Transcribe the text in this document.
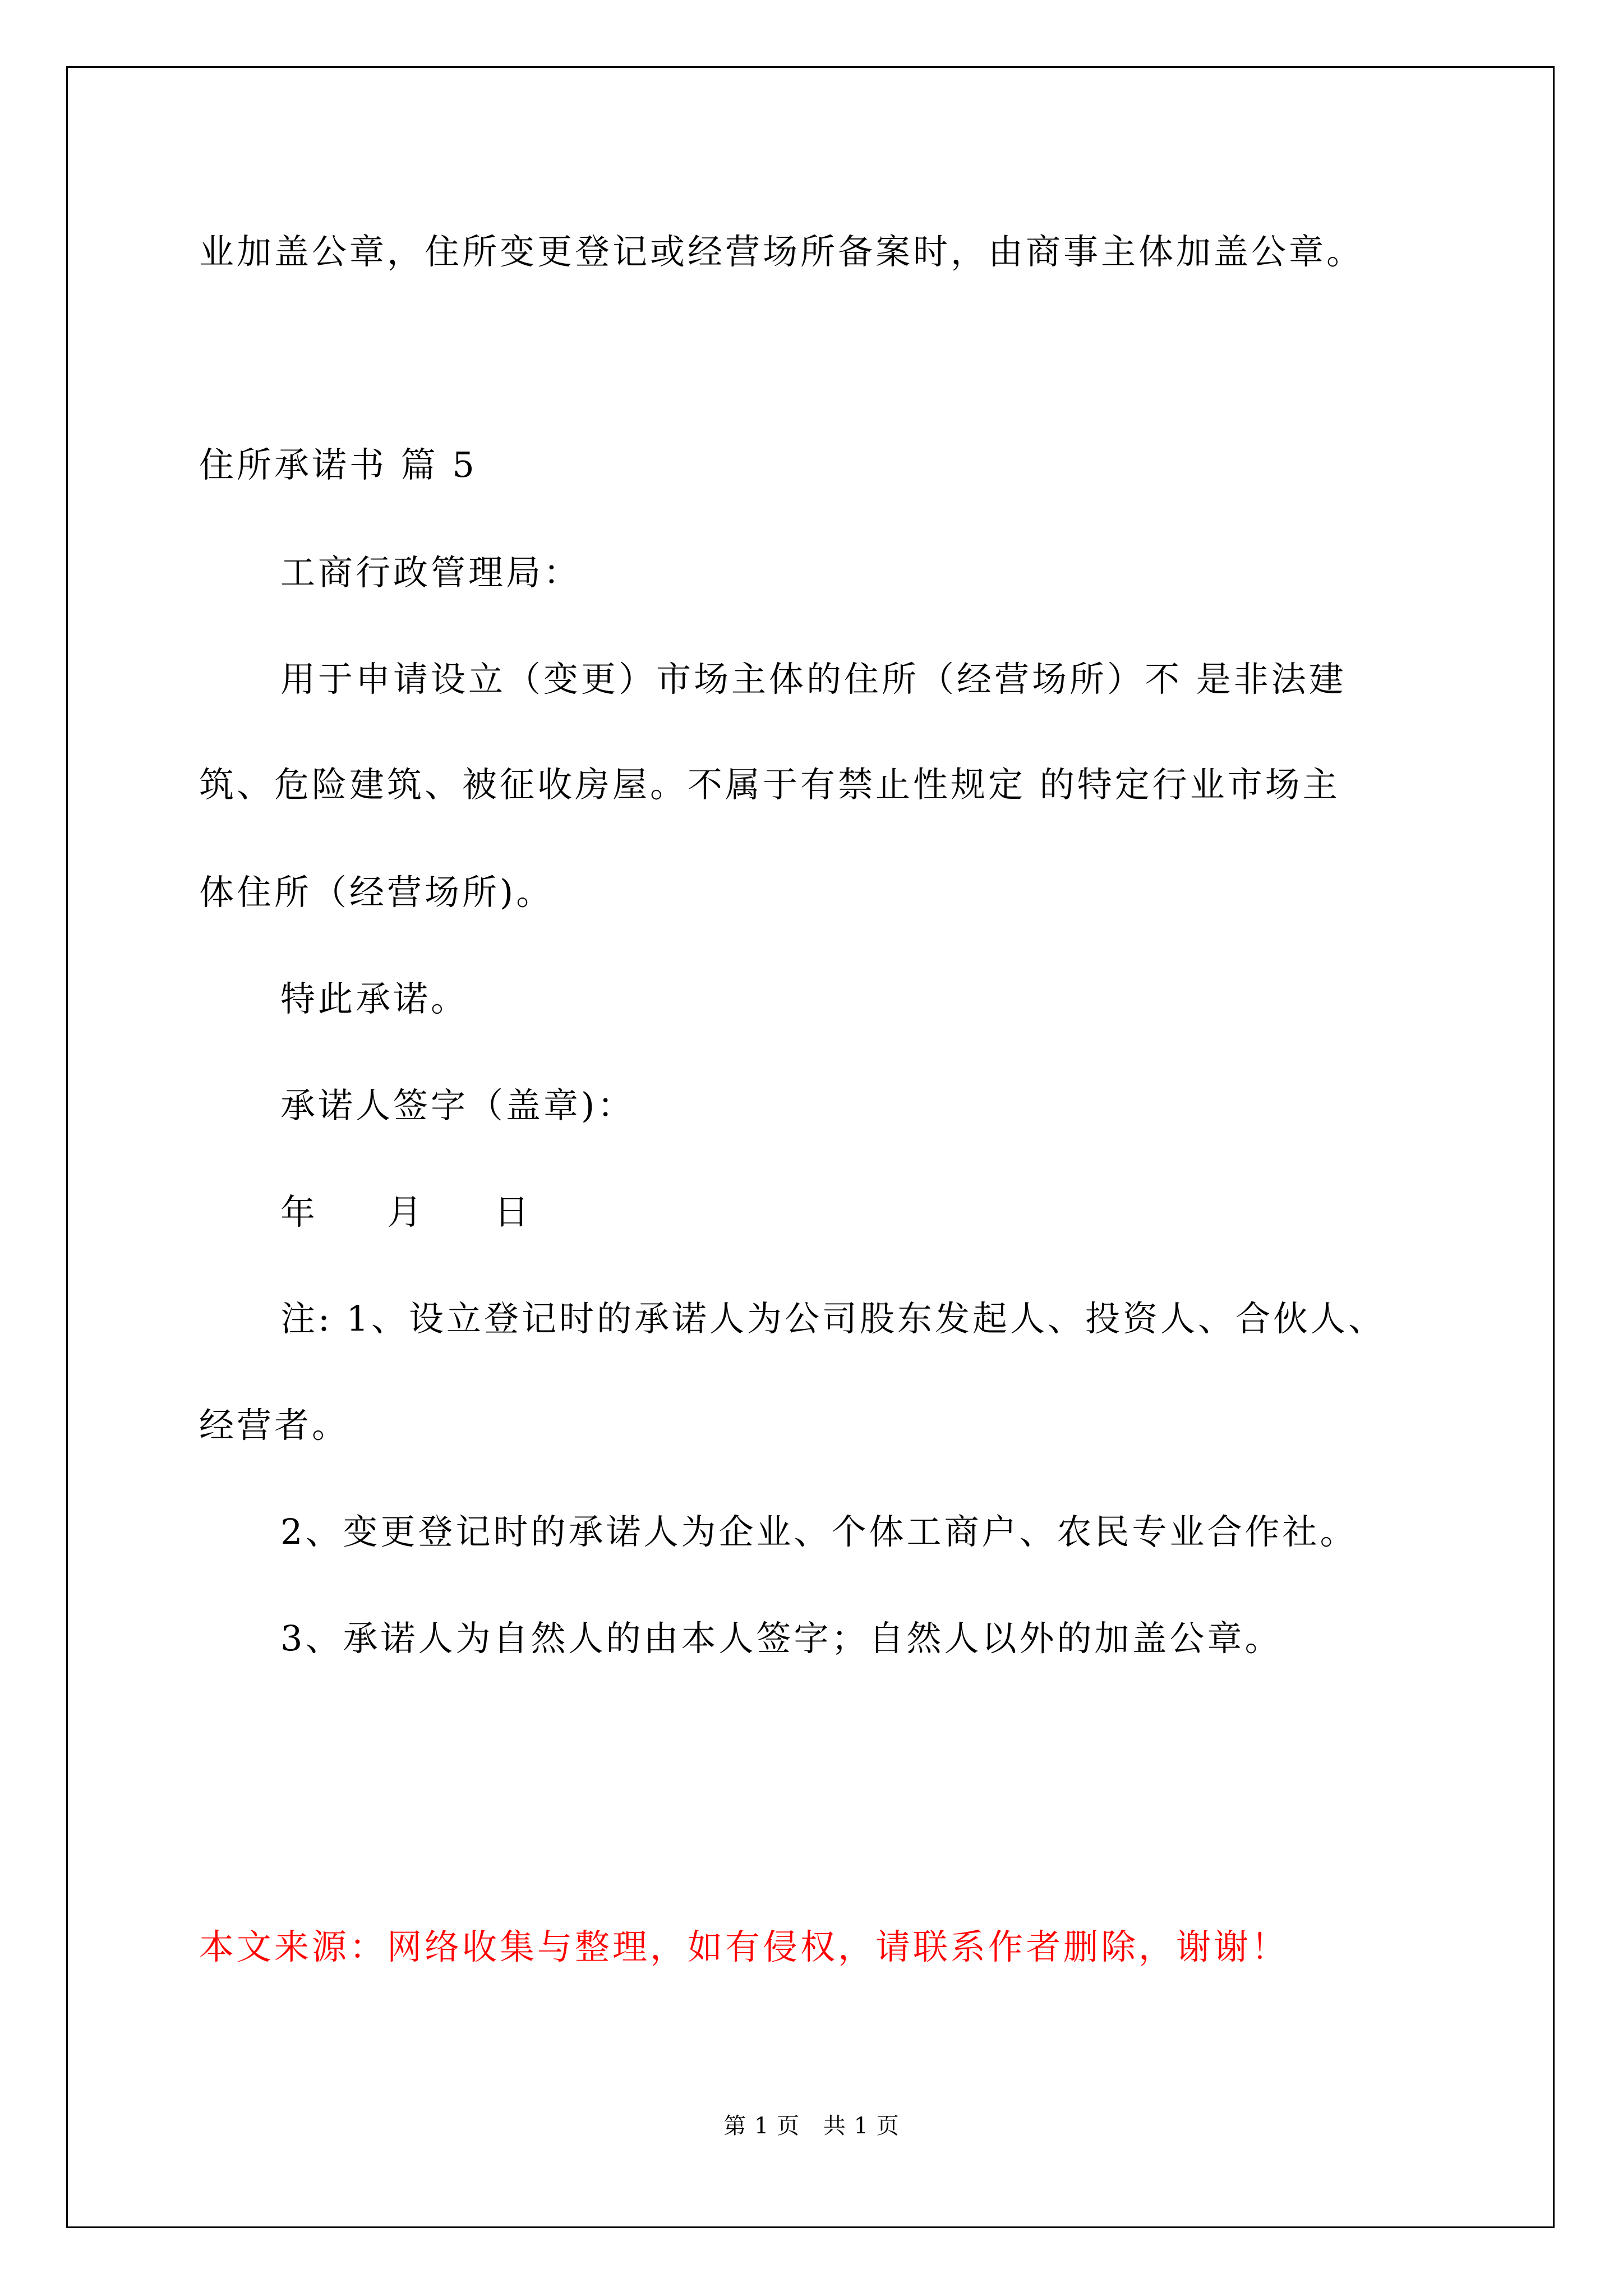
业加盖公章，住所变更登记或经营场所备案时，由商事主体加盖公章。
住所承诺书 篇 5
工商行政管理局：
用于申请设立（变更）市场主体的住所（经营场所）不 是非法建
筑、危险建筑、被征收房屋。不属于有禁止性规定 的特定行业市场主
体住所（经营场所)。
特此承诺。
承诺人签字（盖章)：
年     月     日
注: 1、设立登记时的承诺人为公司股东发起人、投资人、合伙人、
经营者。
2、变更登记时的承诺人为企业、个体工商户、农民专业合作社。
3、承诺人为自然人的由本人签字；自然人以外的加盖公章。
本文来源：网络收集与整理，如有侵权，请联系作者删除，谢谢！
第 1 页 共 1 页
